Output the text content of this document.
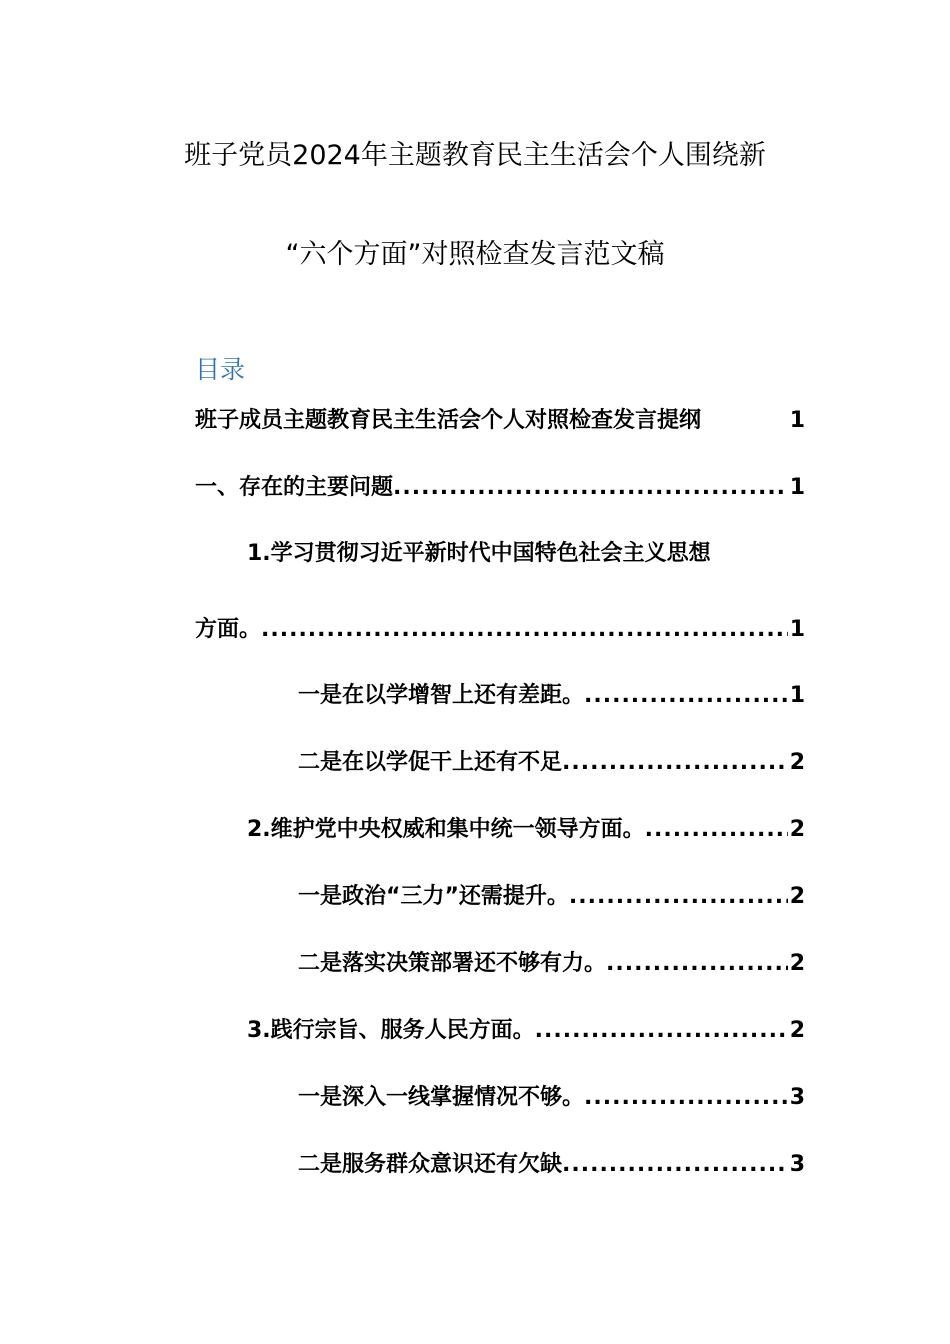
班子党员2024年主题教育民主生活会个人围绕新
“六个方面”对照检查发言范文稿
目录
班子成员主题教育民主生活会个人对照检查发言提纲	1
一、存在的主要问题 .....	1
1.学习贯彻习近平新时代中国特色社会主义思想
方面。 .....	1
一是在以学增智上还有差距。 .....	1
二是在以学促干上还有不足 .....	2
2.维护党中央权威和集中统一领导方面。 .....	2
一是政治“三力”还需提升。 .....	2
二是落实决策部署还不够有力。 .....	2
3.践行宗旨、服务人民方面。 .....	2
一是深入一线掌握情况不够。 .....	3
二是服务群众意识还有欠缺 .....	3
